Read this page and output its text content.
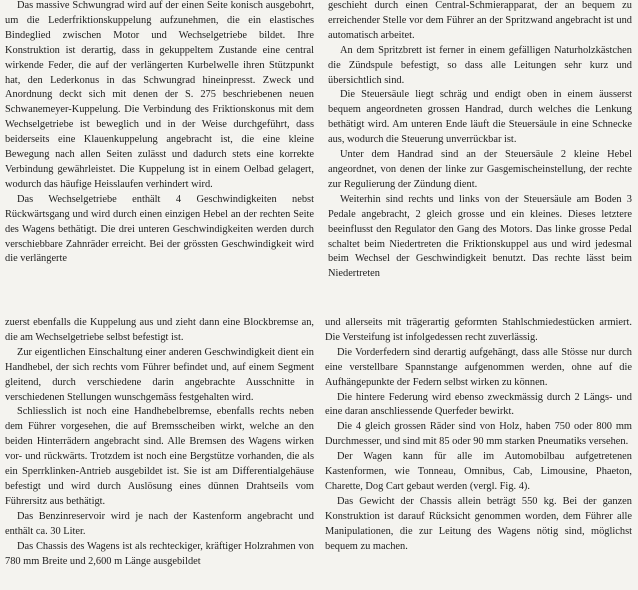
Das massive Schwungrad wird auf der einen Seite konisch ausgebohrt, um die Lederfriktionskuppelung aufzunehmen, die ein elastisches Bindeglied zwischen Motor und Wechselgetriebe bildet. Ihre Konstruktion ist derartig, dass in gekuppeltem Zustande eine central wirkende Feder, die auf der verlängerten Kurbelwelle ihren Stützpunkt hat, den Lederkonus in das Schwungrad hineinpresst. Zweck und Anordnung deckt sich mit denen der S. 275 beschriebenen neuen Schwanemeyer-Kuppelung. Die Verbindung des Friktionskonus mit dem Wechselgetriebe ist beweglich und in der Weise durchgeführt, dass beiderseits eine Klauenkuppelung angebracht ist, die eine kleine Bewegung nach allen Seiten zulässt und dadurch stets eine korrekte Verbindung gewährleistet. Die Kuppelung ist in einem Oelbad gelagert, wodurch das häufige Heisslaufen verhindert wird.

Das Wechselgetriebe enthält 4 Geschwindigkeiten nebst Rückwärtsgang und wird durch einen einzigen Hebel an der rechten Seite des Wagens bethätigt. Die drei unteren Geschwindigkeiten werden durch verschiebbare Zahnräder erreicht. Bei der grössten Geschwindigkeit wird die verlängerte

geschieht durch einen Central-Schmierapparat, der an bequem zu erreichender Stelle vor dem Führer an der Spritzwand angebracht ist und automatisch arbeitet.

An dem Spritzbrett ist ferner in einem gefälligen Naturholzkästchen die Zündspule befestigt, so dass alle Leitungen sehr kurz und übersichtlich sind.

Die Steuersäule liegt schräg und endigt oben in einem äusserst bequem angeordneten grossen Handrad, durch welches die Lenkung bethätigt wird. Am unteren Ende läuft die Steuersäule in eine Schnecke aus, wodurch die Steuerung unverrückbar ist.

Unter dem Handrad sind an der Steuersäule 2 kleine Hebel angeordnet, von denen der linke zur Gasgemischeinstellung, der rechte zur Regulierung der Zündung dient.

Weiterhin sind rechts und links von der Steuersäule am Boden 3 Pedale angebracht, 2 gleich grosse und ein kleines. Dieses letztere beeinflusst den Regulator den Gang des Motors. Das linke grosse Pedal schaltet beim Niedertreten die Friktionskuppel aus und wird jedesmal beim Wechsel der Geschwindigkeit benutzt. Das rechte lässt beim Niedertreten

zuerst ebenfalls die Kuppelung aus und zieht dann eine Blockbremse an, die am Wechselgetriebe selbst befestigt ist.

Zur eigentlichen Einschaltung einer anderen Geschwindigkeit dient ein Handhebel, der sich rechts vom Führer befindet und, auf einem Segment gleitend, durch verschiedene darin angebrachte Ausschnitte in verschiedenen Stellungen wunschgemäss festgehalten wird.

Schliesslich ist noch eine Handhebelbremse, ebenfalls rechts neben dem Führer vorgesehen, die auf Bremsscheiben wirkt, welche an den beiden Hinterrädern angebracht sind. Alle Bremsen des Wagens wirken vor- und rückwärts. Trotzdem ist noch eine Bergstütze vorhanden, die als ein Sperrklinken-Antrieb ausgebildet ist. Sie ist am Differentialgehäuse befestigt und wird durch Auslösung eines dünnen Drahtseils vom Führersitz aus bethätigt.

Das Benzinreservoir wird je nach der Kastenform angebracht und enthält ca. 30 Liter.

Das Chassis des Wagens ist als rechteckiger, kräftiger Holzrahmen von 780 mm Breite und 2,600 m Länge ausgebildet

und allerseits mit trägerartig geformten Stahlschmiedestücken armiert. Die Versteifung ist infolgedessen recht zuverlässig.

Die Vorderfedern sind derartig aufgehängt, dass alle Stösse nur durch eine verstellbare Spannstange aufgenommen werden, ohne auf die Aufhängepunkte der Federn selbst wirken zu können.

Die hintere Federung wird ebenso zweckmässig durch 2 Längs- und eine daran anschliessende Querfeder bewirkt.

Die 4 gleich grossen Räder sind von Holz, haben 750 oder 800 mm Durchmesser, und sind mit 85 oder 90 mm starken Pneumatiks versehen.

Der Wagen kann für alle im Automobilbau aufgetretenen Kastenformen, wie Tonneau, Omnibus, Cab, Limousine, Phaeton, Charette, Dog Cart gebaut werden (vergl. Fig. 4).

Das Gewicht der Chassis allein beträgt 550 kg. Bei der ganzen Konstruktion ist darauf Rücksicht genommen worden, dem Führer alle Manipulationen, die zur Leitung des Wagens nötig sind, möglichst bequem zu machen.
